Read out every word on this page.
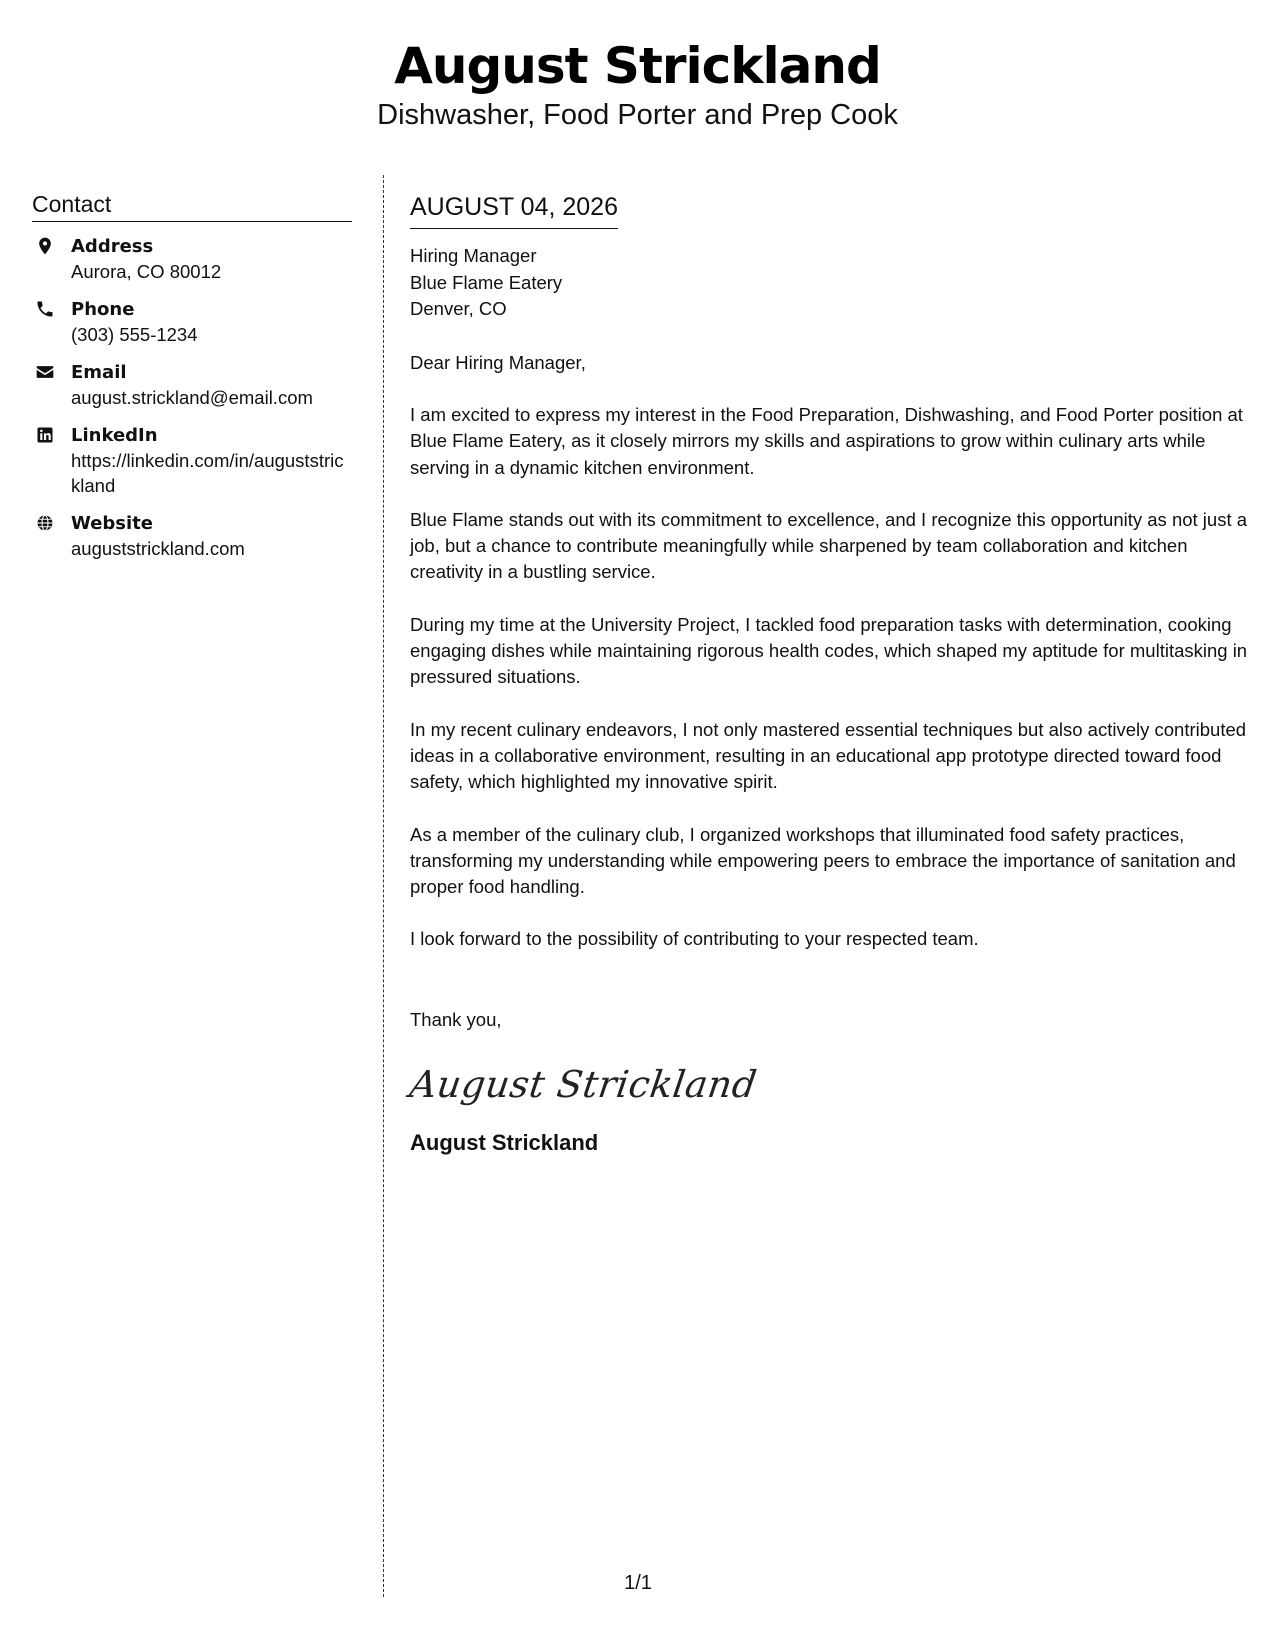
August Strickland
Dishwasher, Food Porter and Prep Cook
Contact
Address
Aurora, CO 80012
Phone
(303) 555-1234
Email
august.strickland@email.com
LinkedIn
https://linkedin.com/in/auguststrickland
Website
auguststrickland.com
AUGUST 04, 2026
Hiring Manager
Blue Flame Eatery
Denver, CO
Dear Hiring Manager,
I am excited to express my interest in the Food Preparation, Dishwashing, and Food Porter position at Blue Flame Eatery, as it closely mirrors my skills and aspirations to grow within culinary arts while serving in a dynamic kitchen environment.
Blue Flame stands out with its commitment to excellence, and I recognize this opportunity as not just a job, but a chance to contribute meaningfully while sharpened by team collaboration and kitchen creativity in a bustling service.
During my time at the University Project, I tackled food preparation tasks with determination, cooking engaging dishes while maintaining rigorous health codes, which shaped my aptitude for multitasking in pressured situations.
In my recent culinary endeavors, I not only mastered essential techniques but also actively contributed ideas in a collaborative environment, resulting in an educational app prototype directed toward food safety, which highlighted my innovative spirit.
As a member of the culinary club, I organized workshops that illuminated food safety practices, transforming my understanding while empowering peers to embrace the importance of sanitation and proper food handling.
I look forward to the possibility of contributing to your respected team.
Thank you,
August Strickland
August Strickland
1/1
